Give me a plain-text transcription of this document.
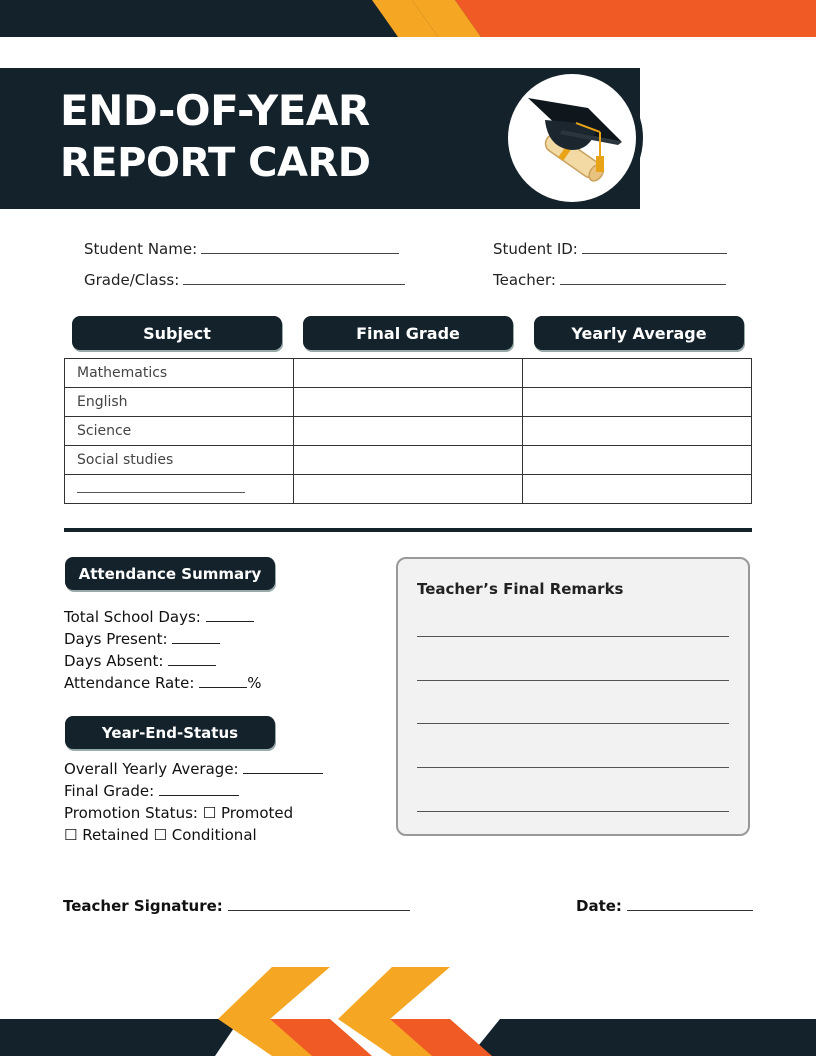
END-OF-YEAR
REPORT CARD
Student Name:	Student ID:
Grade/Class:	Teacher:
Subject	Final Grade	Yearly Average
Mathematics		
English		
Science		
Social studies		

Attendance Summary
Total School Days:
Days Present:
Days Absent:
Attendance Rate:	%
Year-End-Status
Overall Yearly Average:
Final Grade:
Promotion Status: ☐ Promoted
☐ Retained ☐ Conditional
Teacher’s Final Remarks
Teacher Signature:	Date:
